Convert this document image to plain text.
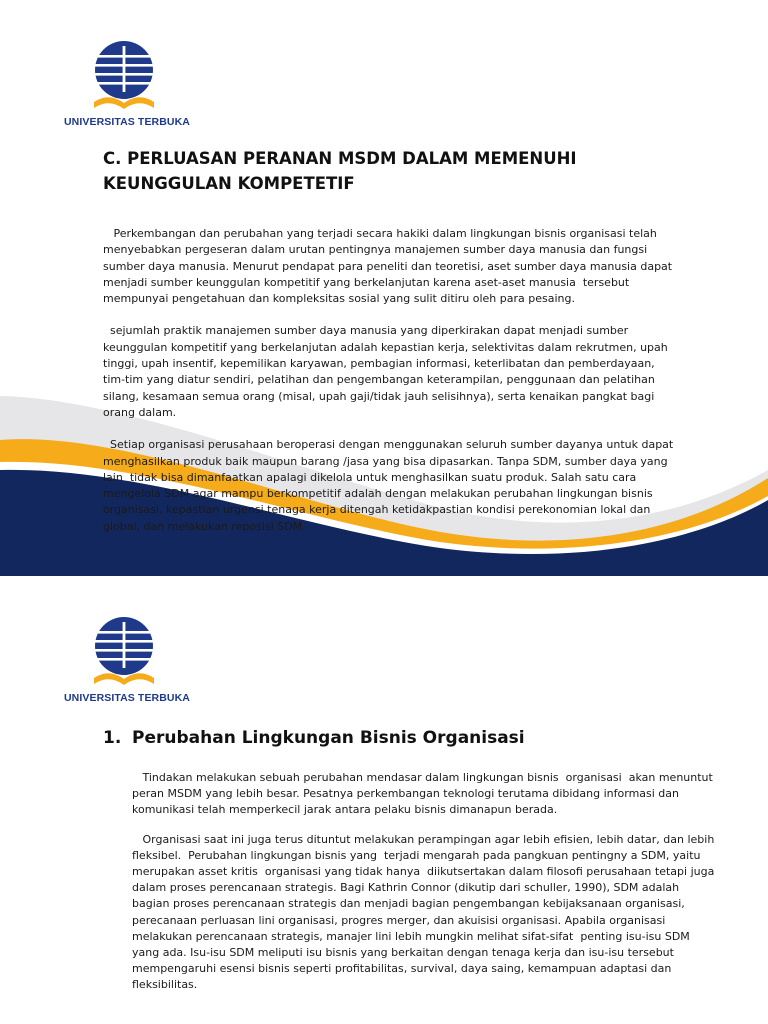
UNIVERSITAS TERBUKA
C. PERLUASAN PERANAN MSDM DALAM MEMENUHI
KEUNGGULAN KOMPETETIF

Perkembangan dan perubahan yang terjadi secara hakiki dalam lingkungan bisnis organisasi telah menyebabkan pergeseran dalam urutan pentingnya manajemen sumber daya manusia dan fungsi sumber daya manusia. Menurut pendapat para peneliti dan teoretisi, aset sumber daya manusia dapat menjadi sumber keunggulan kompetitif yang berkelanjutan karena aset-aset manusia  tersebut mempunyai pengetahuan dan kompleksitas sosial yang sulit ditiru oleh para pesaing.

sejumlah praktik manajemen sumber daya manusia yang diperkirakan dapat menjadi sumber keunggulan kompetitif yang berkelanjutan adalah kepastian kerja, selektivitas dalam rekrutmen, upah tinggi, upah insentif, kepemilikan karyawan, pembagian informasi, keterlibatan dan pemberdayaan, tim-tim yang diatur sendiri, pelatihan dan pengembangan keterampilan, penggunaan dan pelatihan silang, kesamaan semua orang (misal, upah gaji/tidak jauh selisihnya), serta kenaikan pangkat bagi orang dalam.

Setiap organisasi perusahaan beroperasi dengan menggunakan seluruh sumber dayanya untuk dapat menghasilkan produk baik maupun barang /jasa yang bisa dipasarkan. Tanpa SDM, sumber daya yang lain  tidak bisa dimanfaatkan apalagi dikelola untuk menghasilkan suatu produk. Salah satu cara mengelola SDM agar mampu berkompetitif adalah dengan melakukan perubahan lingkungan bisnis organisasi, kepastian urgensi tenaga kerja ditengah ketidakpastian kondisi perekonomian lokal dan global, dan melakukan reposisi SDM.

UNIVERSITAS TERBUKA
1. Perubahan Lingkungan Bisnis Organisasi

Tindakan melakukan sebuah perubahan mendasar dalam lingkungan bisnis  organisasi  akan menuntut peran MSDM yang lebih besar. Pesatnya perkembangan teknologi terutama dibidang informasi dan komunikasi telah memperkecil jarak antara pelaku bisnis dimanapun berada.

Organisasi saat ini juga terus dituntut melakukan perampingan agar lebih efisien, lebih datar, dan lebih fleksibel.  Perubahan lingkungan bisnis yang  terjadi mengarah pada pangkuan pentingny a SDM, yaitu merupakan asset kritis  organisasi yang tidak hanya  diikutsertakan dalam filosofi perusahaan tetapi juga dalam proses perencanaan strategis. Bagi Kathrin Connor (dikutip dari schuller, 1990), SDM adalah bagian proses perencanaan strategis dan menjadi bagian pengembangan kebijaksanaan organisasi, perecanaan perluasan lini organisasi, progres merger, dan akuisisi organisasi. Apabila organisasi  melakukan perencanaan strategis, manajer lini lebih mungkin melihat sifat-sifat  penting isu-isu SDM yang ada. Isu-isu SDM meliputi isu bisnis yang berkaitan dengan tenaga kerja dan isu-isu tersebut mempengaruhi esensi bisnis seperti profitabilitas, survival, daya saing, kemampuan adaptasi dan fleksibilitas.
